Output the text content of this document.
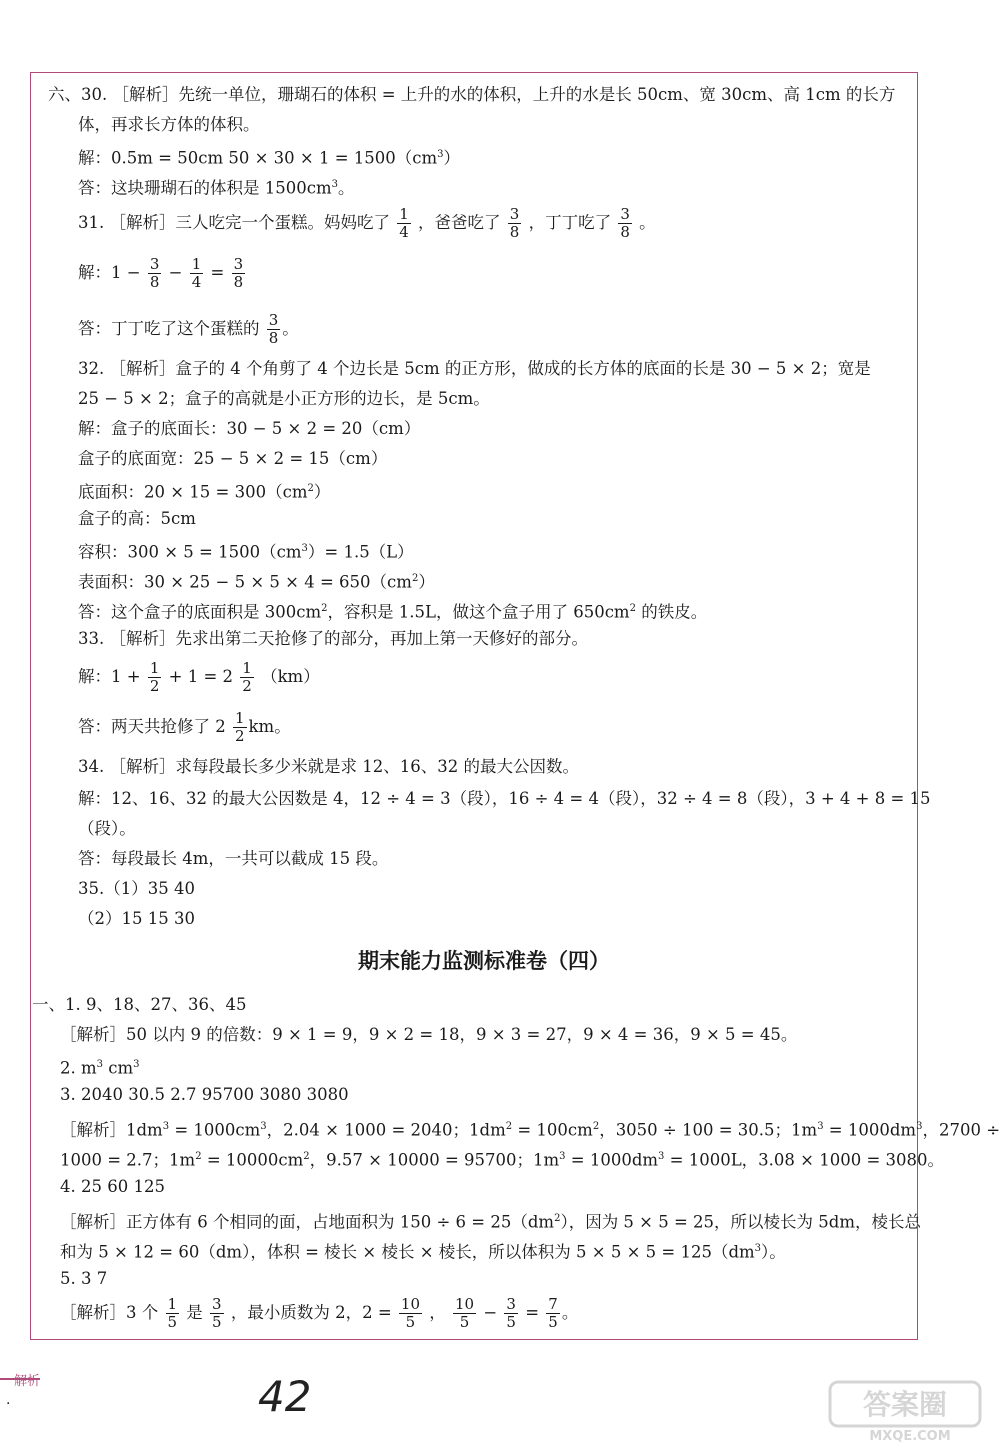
六、30. ［解析］先统一单位，珊瑚石的体积 = 上升的水的体积，上升的水是长 50cm、宽 30cm、高 1cm 的长方
体，再求长方体的体积。
解：0.5m = 50cm $50 \times 30 \times 1 = 1500(cm^3)$
答：这块珊瑚石的体积是 $1500cm^3$。
31. ［解析］三人吃完一个蛋糕。妈妈吃了 $\frac{1}{4}$ ，爸爸吃了 $\frac{3}{8}$ ，丁丁吃了 $\frac{3}{8}$ 。
解：$1 - \frac{3}{8} - \frac{1}{4} = \frac{3}{8}$
答：丁丁吃了这个蛋糕的 $\frac{3}{8}$ 。
32. ［解析］盒子的 4 个角剪了 4 个边长是 5cm 的正方形，做成的长方体的底面的长是 30 − 5 × 2；宽是
25 − 5 × 2；盒子的高就是小正方形的边长，是 5cm。
解：盒子的底面长：30 − 5 × 2 = 20（cm）
盒子的底面宽：25 − 5 × 2 = 15（cm）
底面积：$20 \times 15 = 300(cm^2)$
盒子的高：5cm
容积：$300 \times 5 = 1500(cm^3)= 1.5(L)$
表面积：$30 \times 25 - 5 \times 5 \times 4 = 650(cm^2)$
答：这个盒子的底面积是 $300cm^2$，容积是 1.5L，做这个盒子用了 $650cm^2$ 的铁皮。
33. ［解析］先求出第二天抢修了的部分，再加上第一天修好的部分。
解：$1 + \frac{1}{2} + 1 = 2 \frac{1}{2} (km)$
答：两天共抢修了 $2 \frac{1}{2}$ km。
34. ［解析］求每段最长多少米就是求 12、16、32 的最大公因数。
解：12、16、32 的最大公因数是 4，12 ÷ 4 = 3（段），16 ÷ 4 = 4（段），32 ÷ 4 = 8（段），3 + 4 + 8 = 15
（段）。
答：每段最长 4m，一共可以截成 15 段。
35.（1）35 40
（2）15 15 30
期末能力监测标准卷（四）
一、1. 9、18、27、36、45
［解析］50 以内 9 的倍数：9 × 1 = 9，9 × 2 = 18，9 × 3 = 27，9 × 4 = 36，9 × 5 = 45。
2. $m^3$ $cm^3$
3. 2040 30.5 2.7 95700 3080 3080
［解析$]1dm^3 = 1000cm^3$，2.04 × 1000 = 2040；$1dm^2 = 100cm^2$，3050 ÷ 100 = 30.5；$1m^3 = 1000dm^3$，2700 ÷
1000 = 2.7；$1m^2 = 10000cm^2$，9.57 × 10000 = 95700；$1m^3 = 1000dm^3 = 1000L$，3.08 × 1000 = 3080。
4. 25 60 125
［解析］正方体有 6 个相同的面，占地面积为 $150 \div 6 = 25(dm^2)$，因为 5 × 5 = 25，所以棱长为 5dm，棱长总
和为 5 × 12 = 60（dm），体积 = 棱长 × 棱长 × 棱长，所以体积为 $5 \times 5 \times 5 = 125(dm^3)$。
5. 3 7
［解析］3 个 $\frac{1}{5}$ 是 $\frac{3}{5}$ ，最小质数为 2，$2 = \frac{10}{5}$ ， $\frac{10}{5} - \frac{3}{5} = \frac{7}{5}$ 。
解析
·	42	答案圈
MXQE.COM
